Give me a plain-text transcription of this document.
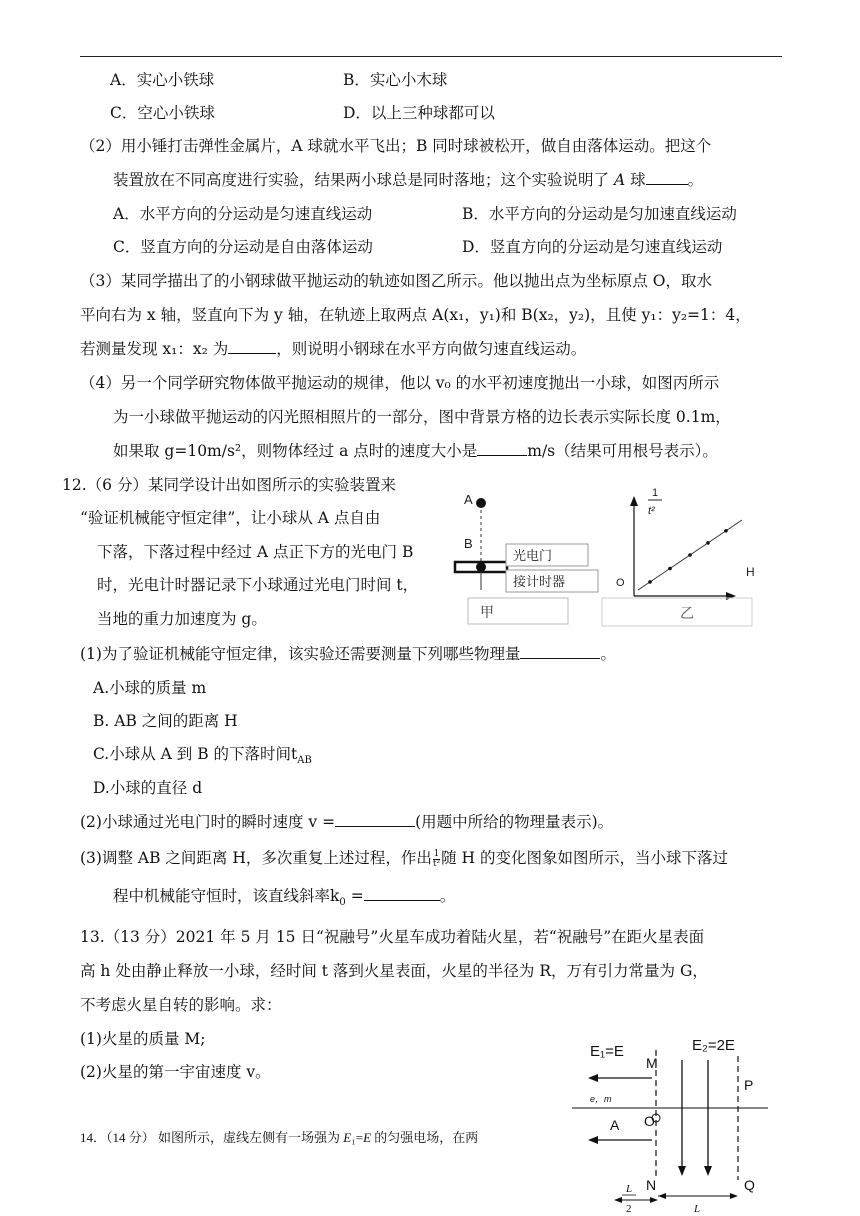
A．实心小铁球	B．实心小木球
C．空心小铁球	D．以上三种球都可以
（2）用小锤打击弹性金属片，A 球就水平飞出；B 同时球被松开，做自由落体运动。把这个
装置放在不同高度进行实验，结果两小球总是同时落地；这个实验说明了 A 球	。
A．水平方向的分运动是匀速直线运动	B．水平方向的分运动是匀加速直线运动
C．竖直方向的分运动是自由落体运动	D．竖直方向的分运动是匀速直线运动
（3）某同学描出了的小钢球做平抛运动的轨迹如图乙所示。他以抛出点为坐标原点 O，取水
平向右为 x 轴，竖直向下为 y 轴，在轨迹上取两点 A(x₁，y₁)和 B(x₂，y₂)，且使 y₁：y₂=1：4，
若测量发现 x₁：x₂ 为	，则说明小钢球在水平方向做匀速直线运动。
（4）另一个同学研究物体做平抛运动的规律，他以 v₀ 的水平初速度抛出一小球，如图丙所示
为一小球做平抛运动的闪光照相照片的一部分，图中背景方格的边长表示实际长度 0.1m，
如果取 g=10m/s²，则物体经过 a 点时的速度大小是	m/s（结果可用根号表示）。
12.（6 分）某同学设计出如图所示的实验装置来
“验证机械能守恒定律”，让小球从 A 点自由
下落，下落过程中经过 A 点正下方的光电门 B
时，光电计时器记录下小球通过光电门时间 t，
当地的重力加速度为 g。
A
B
光电门
接计时器
甲
1
t²
O
H
乙
(1)为了验证机械能守恒定律，该实验还需要测量下列哪些物理量	。
A.小球的质量 m
B. AB 之间的距离 H
C.小球从 A 到 B 的下落时间$t_{AB}$
D.小球的直径 d
(2)小球通过光电门时的瞬时速度 v =	(用题中所给的物理量表示)。
(3)调整 AB 之间距离 H，多次重复上述过程，作出 $\frac{1}{\text{t²}}$ 随 H 的变化图象如图所示，当小球下落过
程中机械能守恒时，该直线斜率$k_0$ =	。
13.（13 分）2021 年 5 月 15 日“祝融号”火星车成功着陆火星，若“祝融号”在距火星表面
高 h 处由静止释放一小球，经时间 t 落到火星表面，火星的半径为 R，万有引力常量为 G，
不考虑火星自转的影响。求：
(1)火星的质量 M;
(2)火星的第一宇宙速度 v。
14．（14 分） 如图所示，虚线左侧有一场强为 E₁=E 的匀强电场，在两
E₁=E	E₂=2E
M
P
e，m
O
A
N	Q
L
2	L
